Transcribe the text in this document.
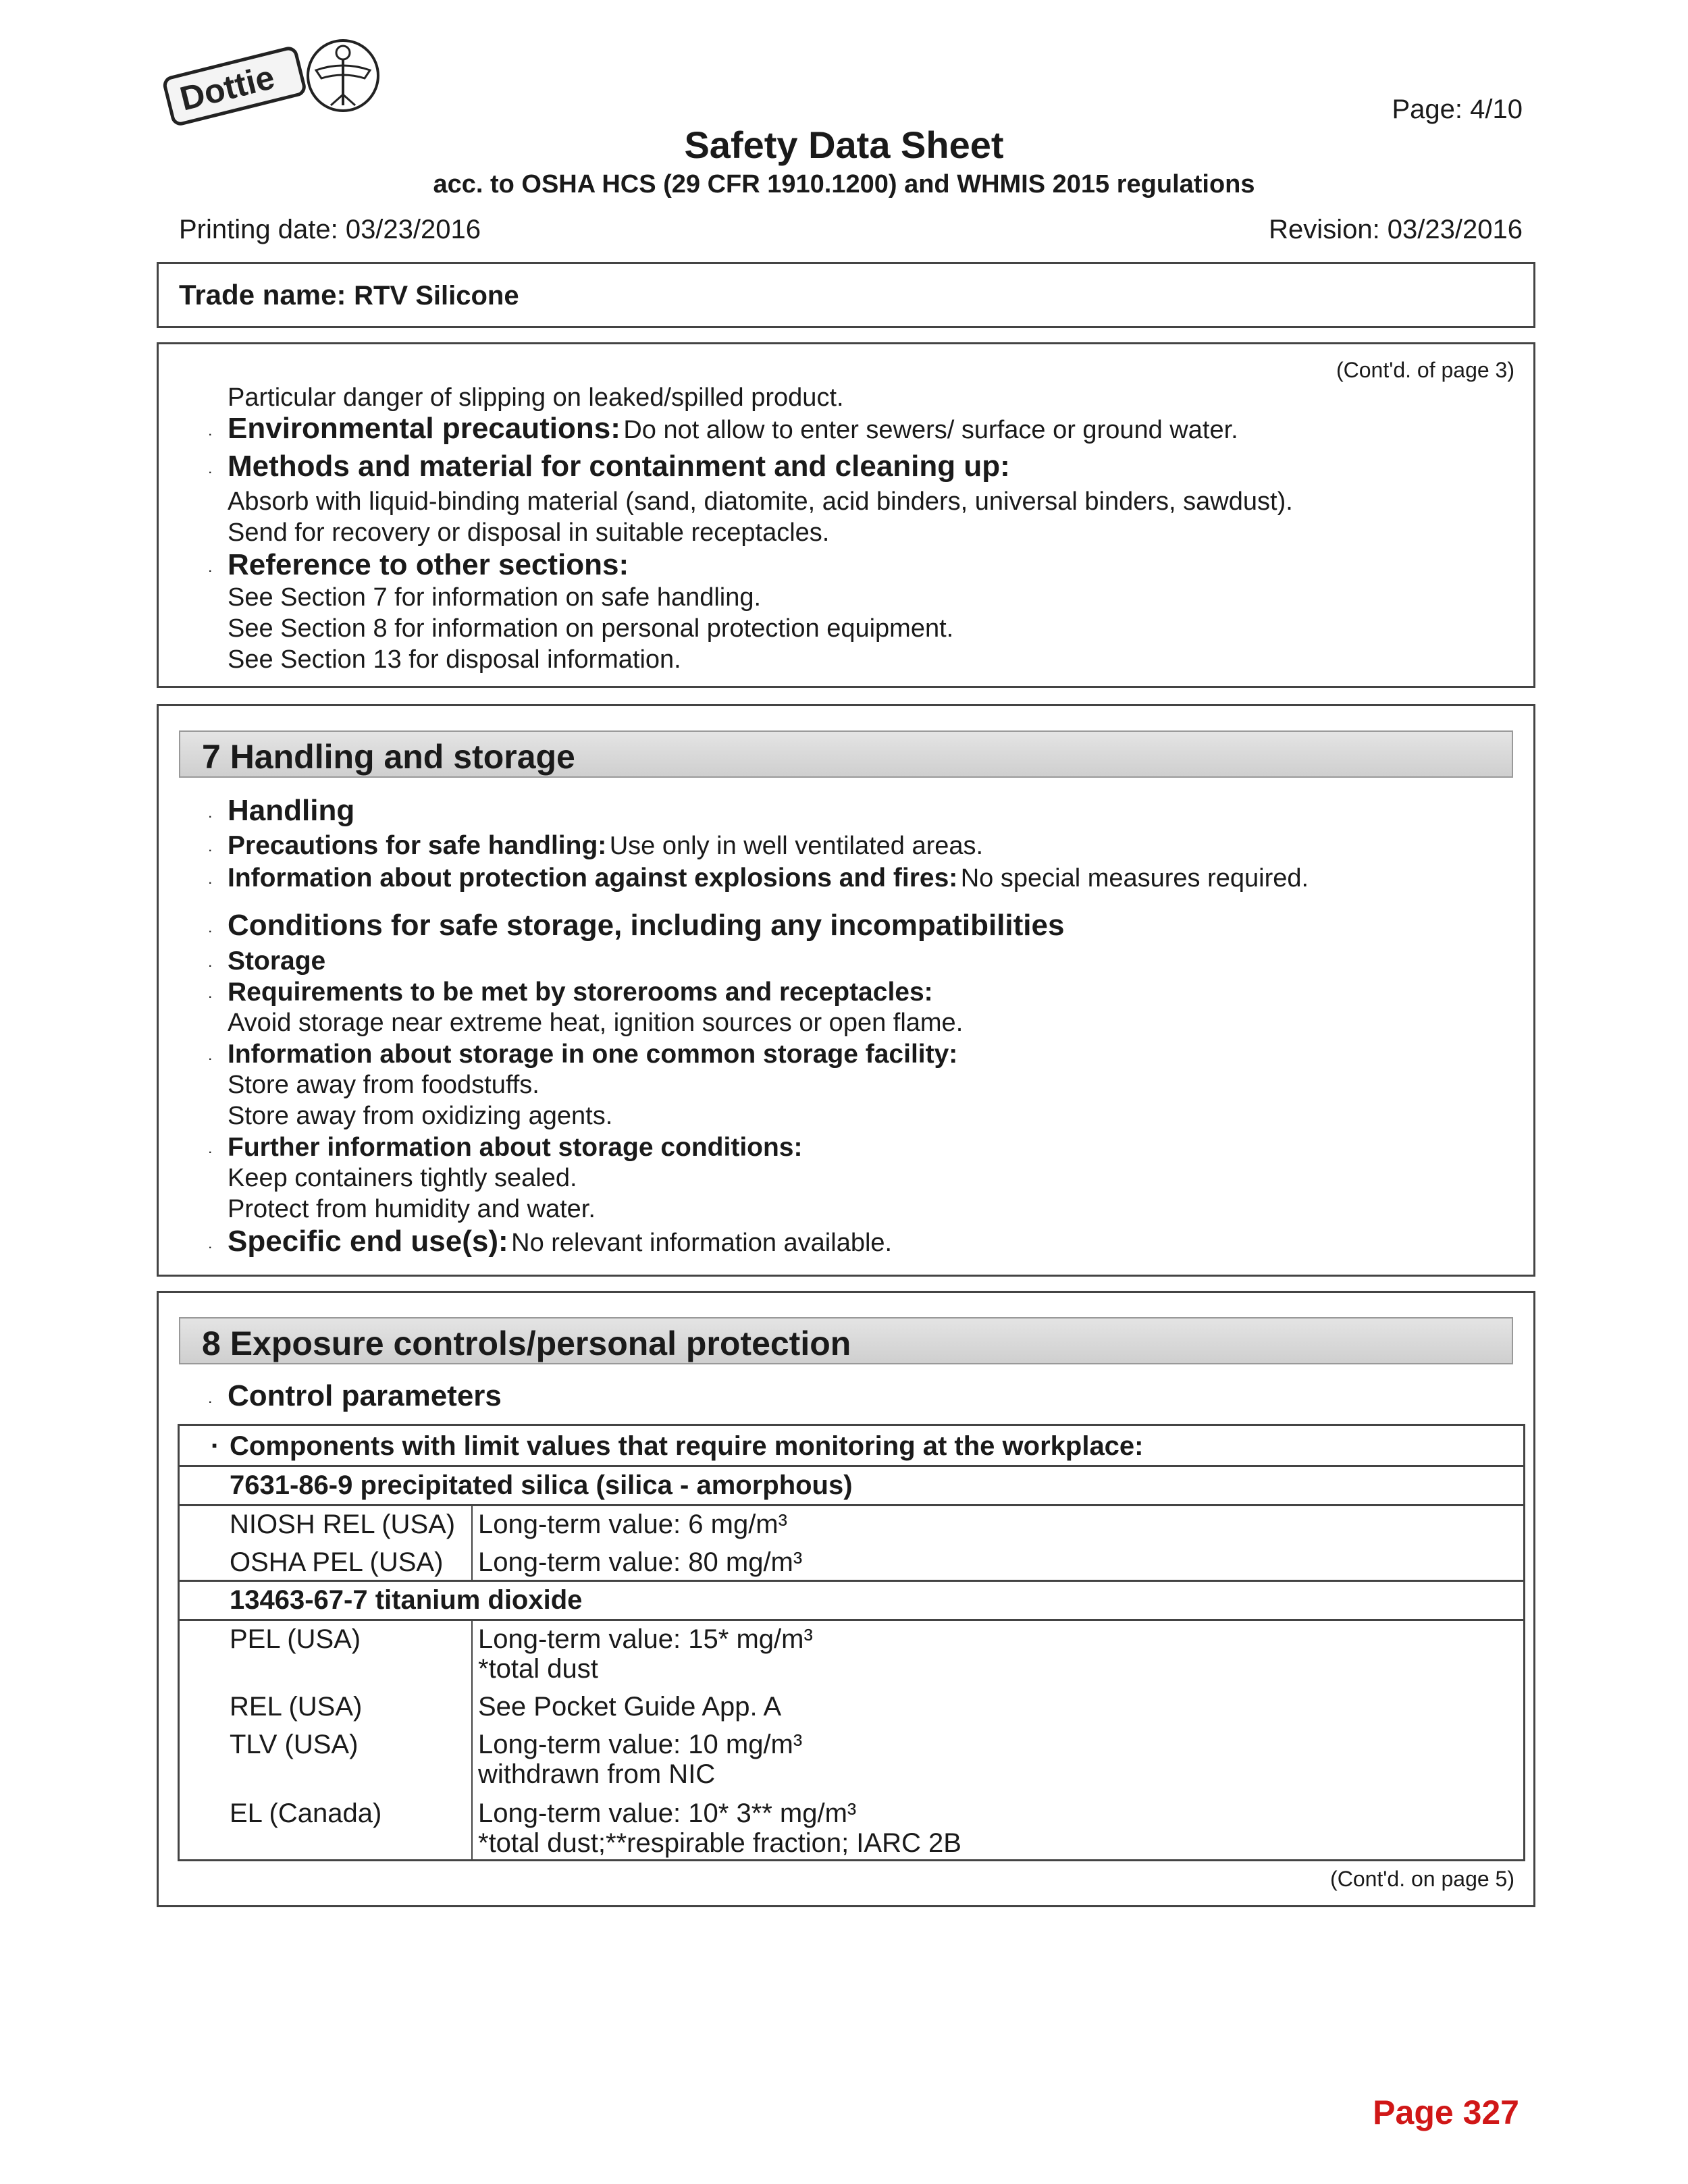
Dottie	Page: 4/10
Safety Data Sheet
acc. to OSHA HCS (29 CFR 1910.1200) and WHMIS 2015 regulations
Printing date: 03/23/2016	Revision: 03/23/2016
Trade name: RTV Silicone
(Cont'd. of page 3)
Particular danger of slipping on leaked/spilled product.
· Environmental precautions: Do not allow to enter sewers/ surface or ground water.
· Methods and material for containment and cleaning up:
Absorb with liquid-binding material (sand, diatomite, acid binders, universal binders, sawdust).
Send for recovery or disposal in suitable receptacles.
· Reference to other sections:
See Section 7 for information on safe handling.
See Section 8 for information on personal protection equipment.
See Section 13 for disposal information.
7 Handling and storage
· Handling
· Precautions for safe handling: Use only in well ventilated areas.
· Information about protection against explosions and fires: No special measures required.
· Conditions for safe storage, including any incompatibilities
· Storage
· Requirements to be met by storerooms and receptacles:
Avoid storage near extreme heat, ignition sources or open flame.
· Information about storage in one common storage facility:
Store away from foodstuffs.
Store away from oxidizing agents.
· Further information about storage conditions:
Keep containers tightly sealed.
Protect from humidity and water.
· Specific end use(s): No relevant information available.
8 Exposure controls/personal protection
· Control parameters
· Components with limit values that require monitoring at the workplace:
7631-86-9 precipitated silica (silica - amorphous)
NIOSH REL (USA) Long-term value: 6 mg/m³
OSHA PEL (USA) Long-term value: 80 mg/m³
13463-67-7 titanium dioxide
PEL (USA)	Long-term value: 15* mg/m³
*total dust
REL (USA)	See Pocket Guide App. A
TLV (USA)	Long-term value: 10 mg/m³
withdrawn from NIC
EL (Canada)	Long-term value: 10* 3** mg/m³
*total dust;**respirable fraction; IARC 2B
(Cont'd. on page 5)
Page 327
